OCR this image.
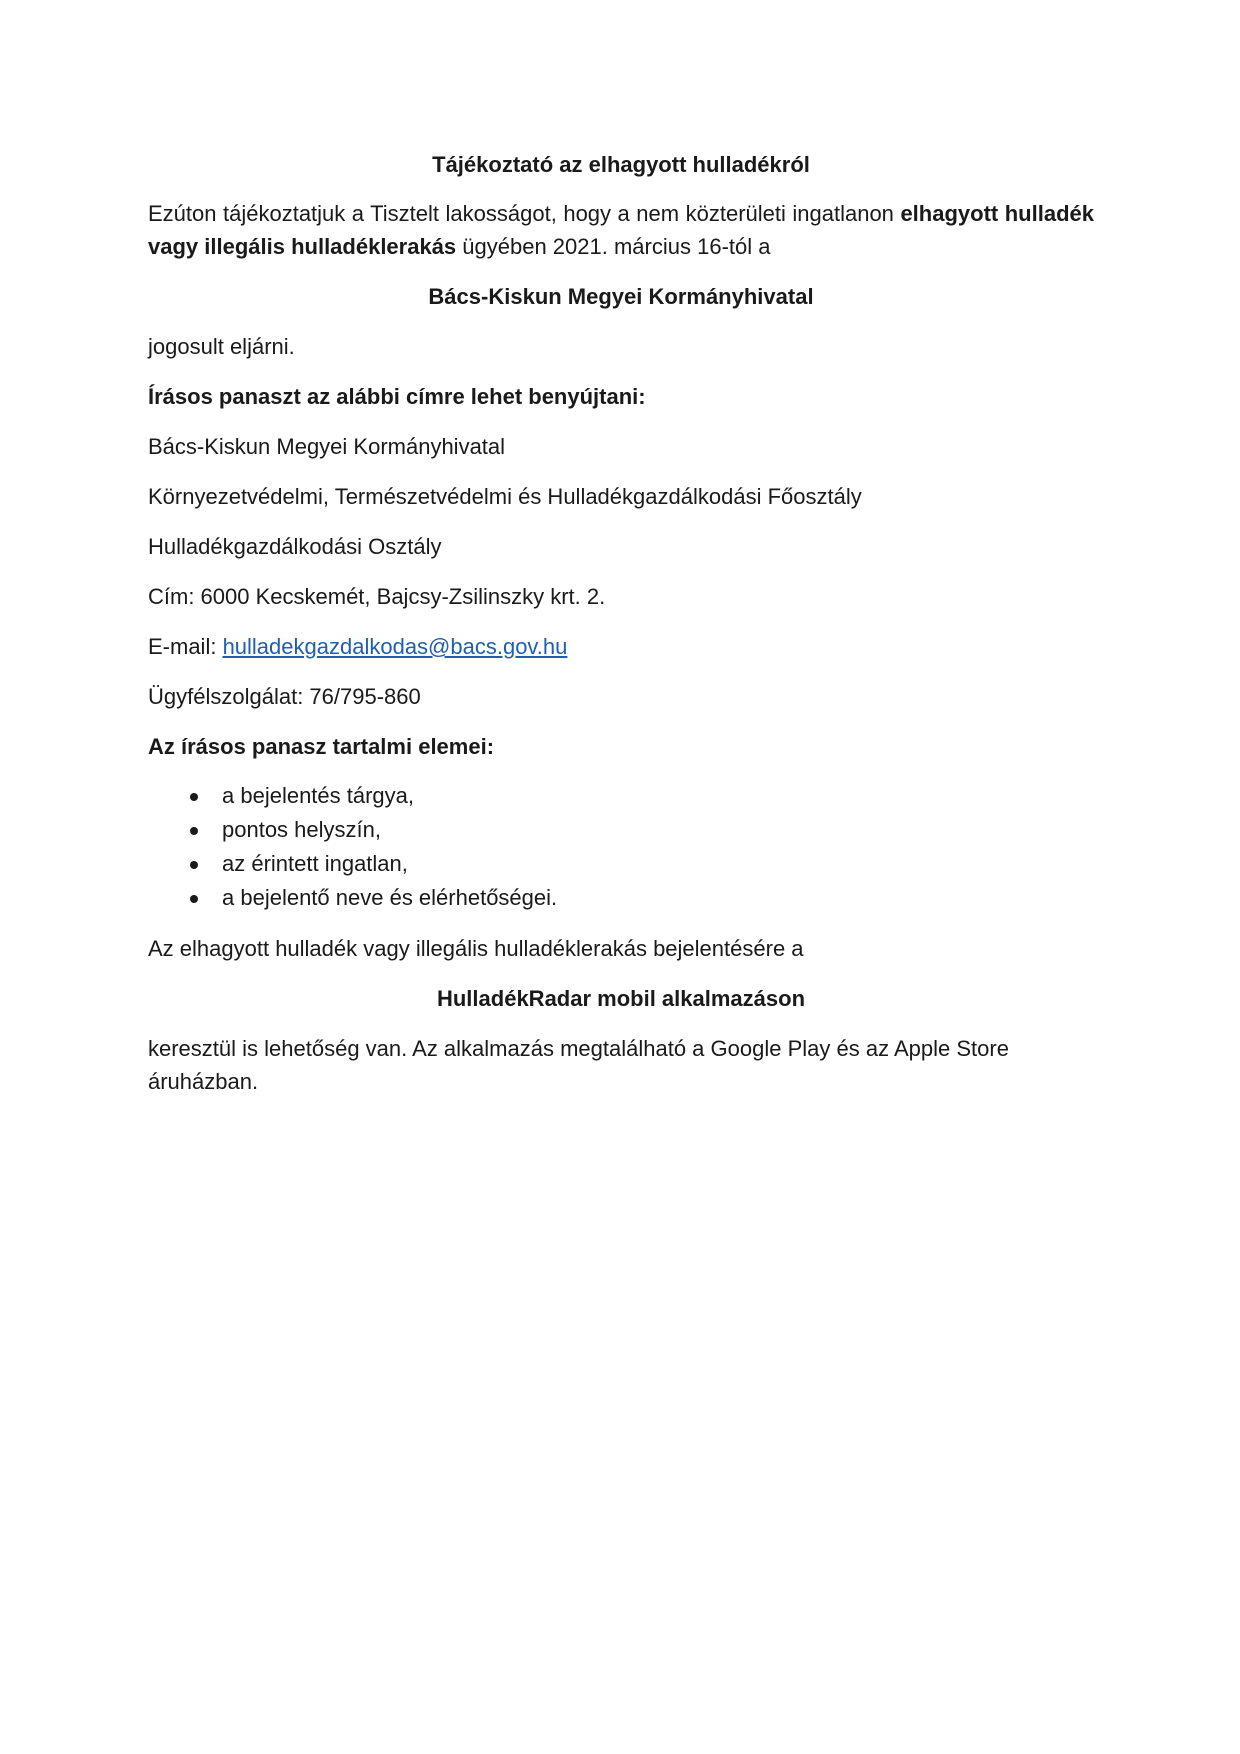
Tájékoztató az elhagyott hulladékról

Ezúton tájékoztatjuk a Tisztelt lakosságot, hogy a nem közterületi ingatlanon elhagyott hulladék vagy illegális hulladéklerakás ügyében 2021. március 16-tól a

Bács-Kiskun Megyei Kormányhivatal

jogosult eljárni.

Írásos panaszt az alábbi címre lehet benyújtani:

Bács-Kiskun Megyei Kormányhivatal

Környezetvédelmi, Természetvédelmi és Hulladékgazdálkodási Főosztály

Hulladékgazdálkodási Osztály

Cím: 6000 Kecskemét, Bajcsy-Zsilinszky krt. 2.

E-mail: hulladekgazdalkodas@bacs.gov.hu

Ügyfélszolgálat: 76/795-860

Az írásos panasz tartalmi elemei:

a bejelentés tárgya,
pontos helyszín,
az érintett ingatlan,
a bejelentő neve és elérhetőségei.

Az elhagyott hulladék vagy illegális hulladéklerakás bejelentésére a

HulladékRadar mobil alkalmazáson

keresztül is lehetőség van. Az alkalmazás megtalálható a Google Play és az Apple Store áruházban.
